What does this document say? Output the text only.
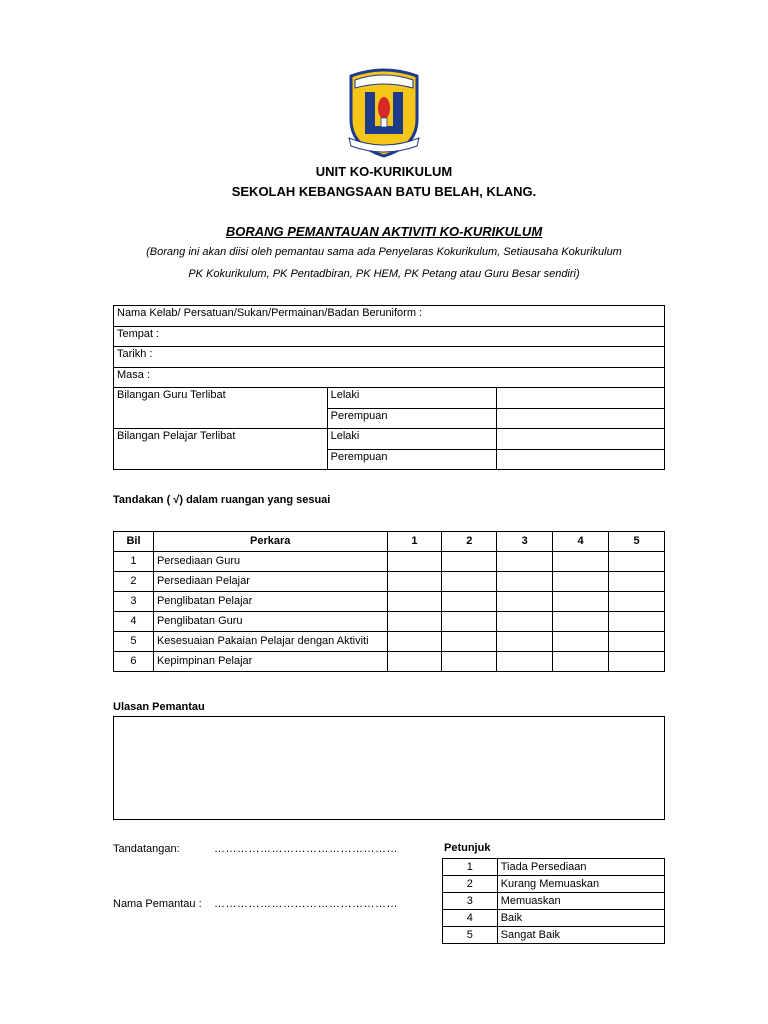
UNIT KO-KURIKULUM
SEKOLAH KEBANGSAAN BATU BELAH, KLANG.
BORANG PEMANTAUAN AKTIVITI KO-KURIKULUM
(Borang ini akan diisi oleh pemantau sama ada Penyelaras Kokurikulum, Setiausaha Kokurikulum
PK Kokurikulum, PK Pentadbiran, PK HEM, PK Petang atau Guru Besar sendiri)
Nama Kelab/ Persatuan/Sukan/Permainan/Badan Beruniform :		
Tempat :		
Tarikh :		
Masa :		
Bilangan Guru Terlibat	Lelaki	
	Perempuan	
Bilangan Pelajar Terlibat	Lelaki	
	Perempuan	
Tandakan ( √) dalam ruangan yang sesuai
Bil	Perkara	1	2	3	4	5
1	Persediaan Guru					
2	Persediaan Pelajar					
3	Penglibatan Pelajar					
4	Penglibatan Guru					
5	Kesesuaian Pakaian Pelajar dengan Aktiviti					
6	Kepimpinan Pelajar					
Ulasan Pemantau
Tandatangan:	…………………………………………
Nama Pemantau : …………………………………………
Petunjuk
1	Tiada Persediaan
2	Kurang Memuaskan
3	Memuaskan
4	Baik
5	Sangat Baik
